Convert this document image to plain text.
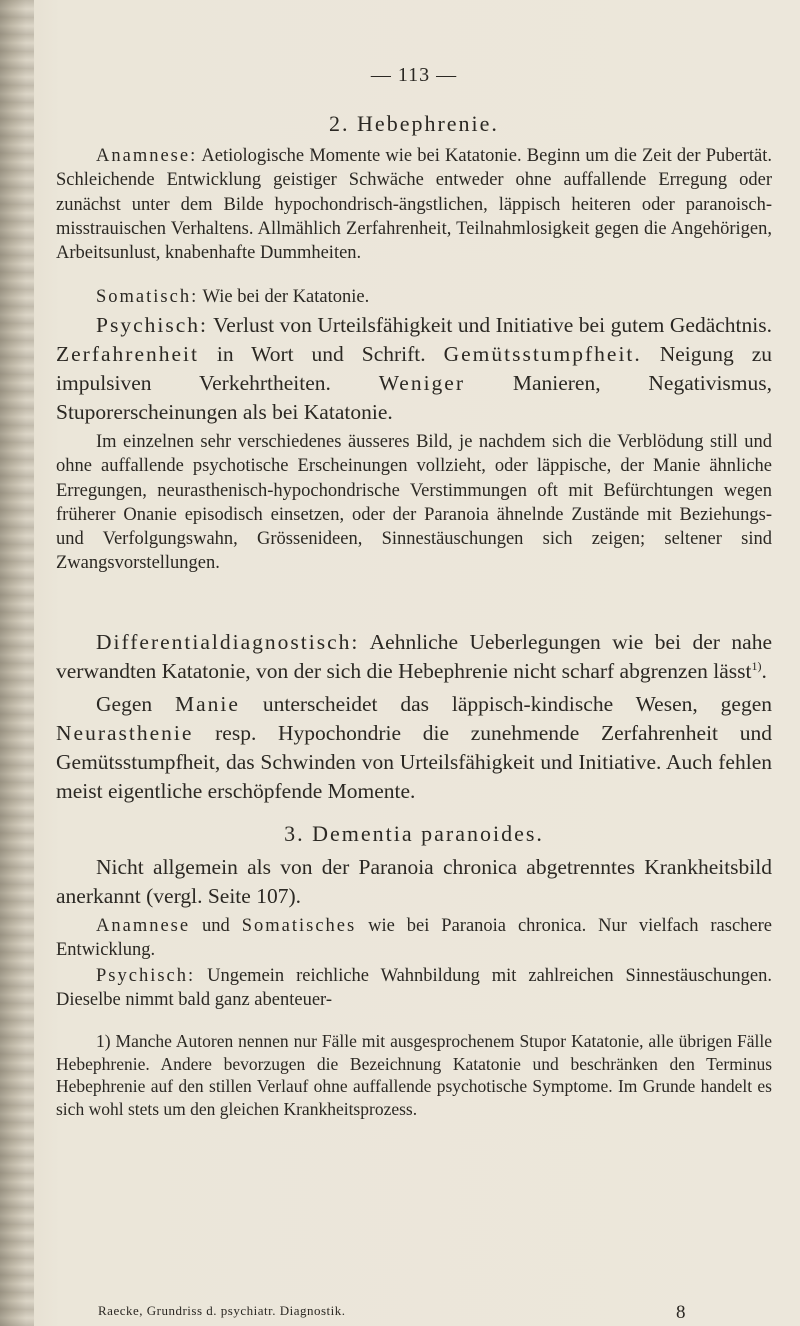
— 113 —
2. Hebephrenie.

Anamnese: Aetiologische Momente wie bei Katatonie. Beginn um die Zeit der Pubertät. Schleichende Entwicklung geistiger Schwäche entweder ohne auffallende Erregung oder zunächst unter dem Bilde hypochondrisch-ängstlichen, läppisch heiteren oder paranoisch-misstrauischen Verhaltens. Allmählich Zerfahrenheit, Teilnahmlosigkeit gegen die Angehörigen, Arbeitsunlust, knabenhafte Dummheiten.

Somatisch: Wie bei der Katatonie.

Psychisch: Verlust von Urteilsfähigkeit und Initiative bei gutem Gedächtnis. Zerfahrenheit in Wort und Schrift. Gemütsstumpfheit. Neigung zu impulsiven Verkehrtheiten. Weniger Manieren, Negativismus, Stuporerscheinungen als bei Katatonie.

Im einzelnen sehr verschiedenes äusseres Bild, je nachdem sich die Verblödung still und ohne auffallende psychotische Erscheinungen vollzieht, oder läppische, der Manie ähnliche Erregungen, neurasthenisch-hypochondrische Verstimmungen oft mit Befürchtungen wegen früherer Onanie episodisch einsetzen, oder der Paranoia ähnelnde Zustände mit Beziehungs- und Verfolgungswahn, Grössenideen, Sinnestäuschungen sich zeigen; seltener sind Zwangsvorstellungen.

Differentialdiagnostisch: Aehnliche Ueberlegungen wie bei der nahe verwandten Katatonie, von der sich die Hebephrenie nicht scharf abgrenzen lässt$^{1)}$.

Gegen Manie unterscheidet das läppisch-kindische Wesen, gegen Neurasthenie resp. Hypochondrie die zunehmende Zerfahrenheit und Gemütsstumpfheit, das Schwinden von Urteilsfähigkeit und Initiative. Auch fehlen meist eigentliche erschöpfende Momente.

3. Dementia paranoides.

Nicht allgemein als von der Paranoia chronica abgetrenntes Krankheitsbild anerkannt (vergl. Seite 107).

Anamnese und Somatisches wie bei Paranoia chronica. Nur vielfach raschere Entwicklung.

Psychisch: Ungemein reichliche Wahnbildung mit zahlreichen Sinnestäuschungen. Dieselbe nimmt bald ganz abenteuer-

1) Manche Autoren nennen nur Fälle mit ausgesprochenem Stupor Katatonie, alle übrigen Fälle Hebephrenie. Andere bevorzugen die Bezeichnung Katatonie und beschränken den Terminus Hebephrenie auf den stillen Verlauf ohne auffallende psychotische Symptome. Im Grunde handelt es sich wohl stets um den gleichen Krankheitsprozess.

Raecke, Grundriss d. psychiatr. Diagnostik.	8
